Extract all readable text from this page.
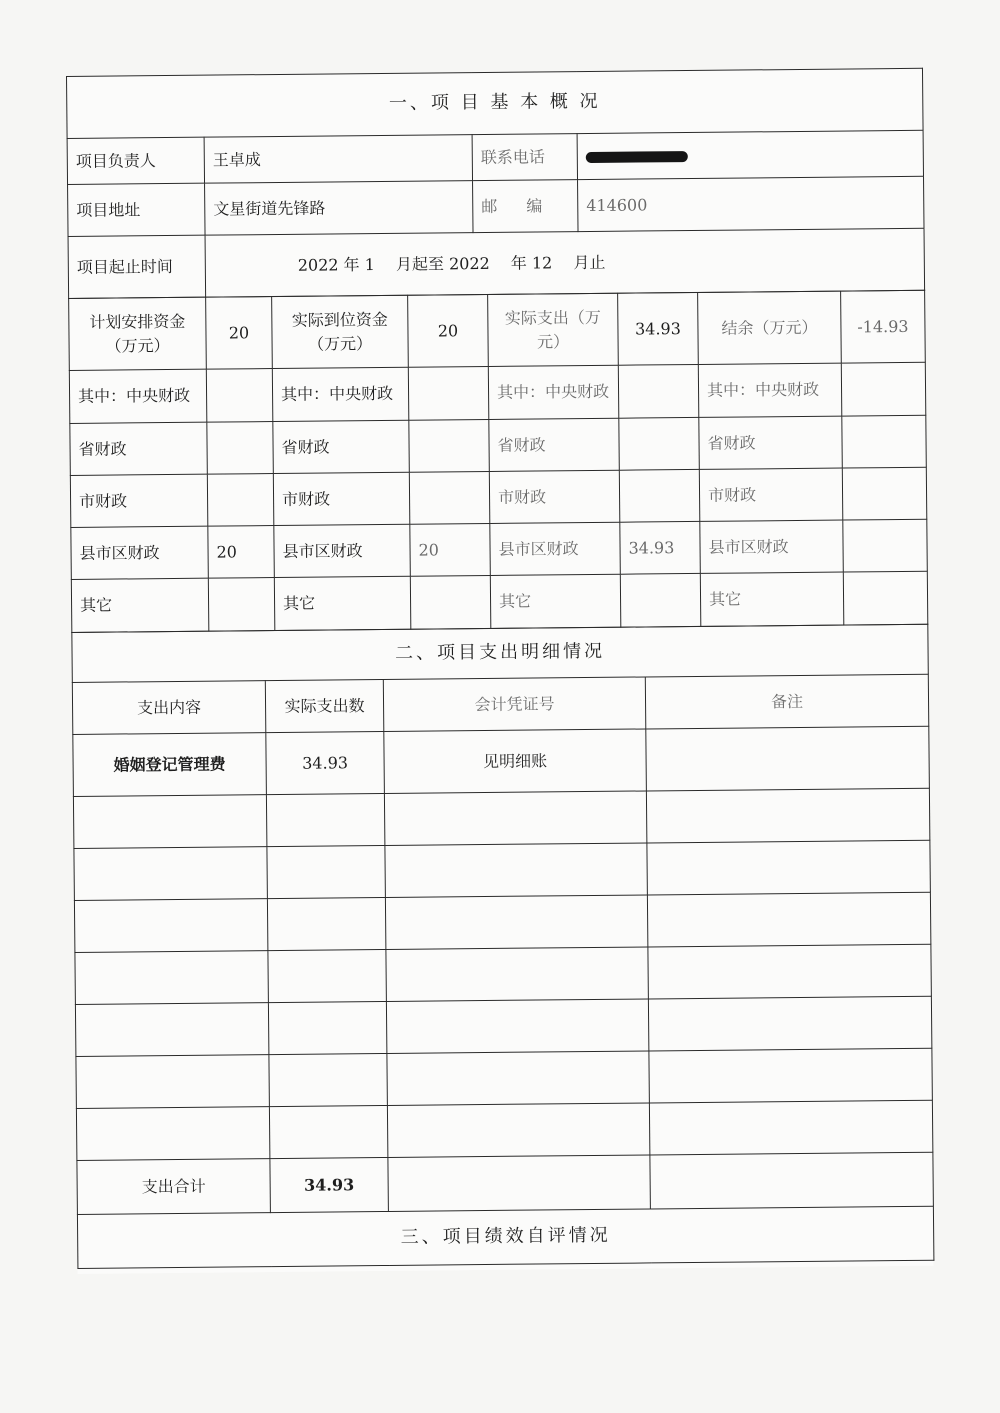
一、项 目 基 本 概 况			
项目负责人	王卓成	联系电话	
项目地址	文星街道先锋路	邮 编	414600
项目起止时间	2022 年 1　 月起至 2022　 年 12　 月止		
计划安排资金（万元）	20	实际到位资金（万元）	20	实际支出（万元）	34.93	结余（万元）	-14.93
其中：中央财政		其中：中央财政		其中：中央财政		其中：中央财政	
省财政		省财政		省财政		省财政	
市财政		市财政		市财政		市财政	
县市区财政	20	县市区财政	20	县市区财政	34.93	县市区财政	
其它		其它		其它		其它	
二、项目支出明细情况			
支出内容	实际支出数	会计凭证号	备注
婚姻登记管理费	34.93	见明细账	

支出合计	34.93		
三、项目绩效自评情况			
